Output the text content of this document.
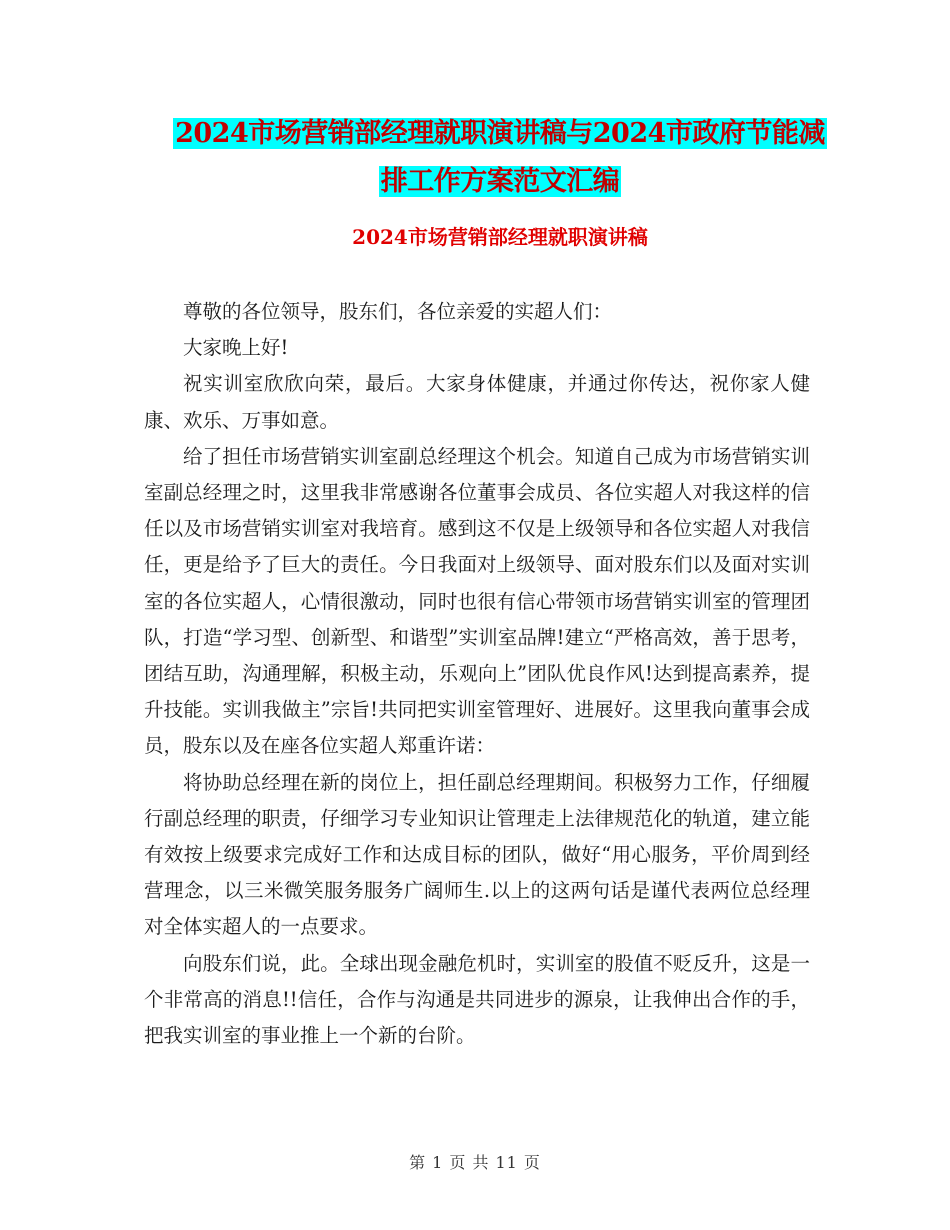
2024市场营销部经理就职演讲稿与2024市政府节能减
排工作方案范文汇编
2024市场营销部经理就职演讲稿

尊敬的各位领导，股东们，各位亲爱的实超人们：

大家晚上好!

祝实训室欣欣向荣，最后。大家身体健康，并通过你传达，祝你家人健康、欢乐、万事如意。

给了担任市场营销实训室副总经理这个机会。知道自己成为市场营销实训室副总经理之时，这里我非常感谢各位董事会成员、各位实超人对我这样的信任以及市场营销实训室对我培育。感到这不仅是上级领导和各位实超人对我信任，更是给予了巨大的责任。今日我面对上级领导、面对股东们以及面对实训室的各位实超人，心情很激动，同时也很有信心带领市场营销实训室的管理团队，打造“学习型、创新型、和谐型”实训室品牌!建立“严格高效，善于思考，团结互助，沟通理解，积极主动，乐观向上”团队优良作风!达到提高素养，提升技能。实训我做主”宗旨!共同把实训室管理好、进展好。这里我向董事会成员，股东以及在座各位实超人郑重许诺：

将协助总经理在新的岗位上，担任副总经理期间。积极努力工作，仔细履行副总经理的职责，仔细学习专业知识让管理走上法律规范化的轨道，建立能有效按上级要求完成好工作和达成目标的团队，做好“用心服务，平价周到经营理念，以三米微笑服务服务广阔师生.以上的这两句话是谨代表两位总经理对全体实超人的一点要求。

向股东们说，此。全球出现金融危机时，实训室的股值不贬反升，这是一个非常高的消息!!信任，合作与沟通是共同进步的源泉，让我伸出合作的手，把我实训室的事业推上一个新的台阶。

第 1 页 共 11 页
